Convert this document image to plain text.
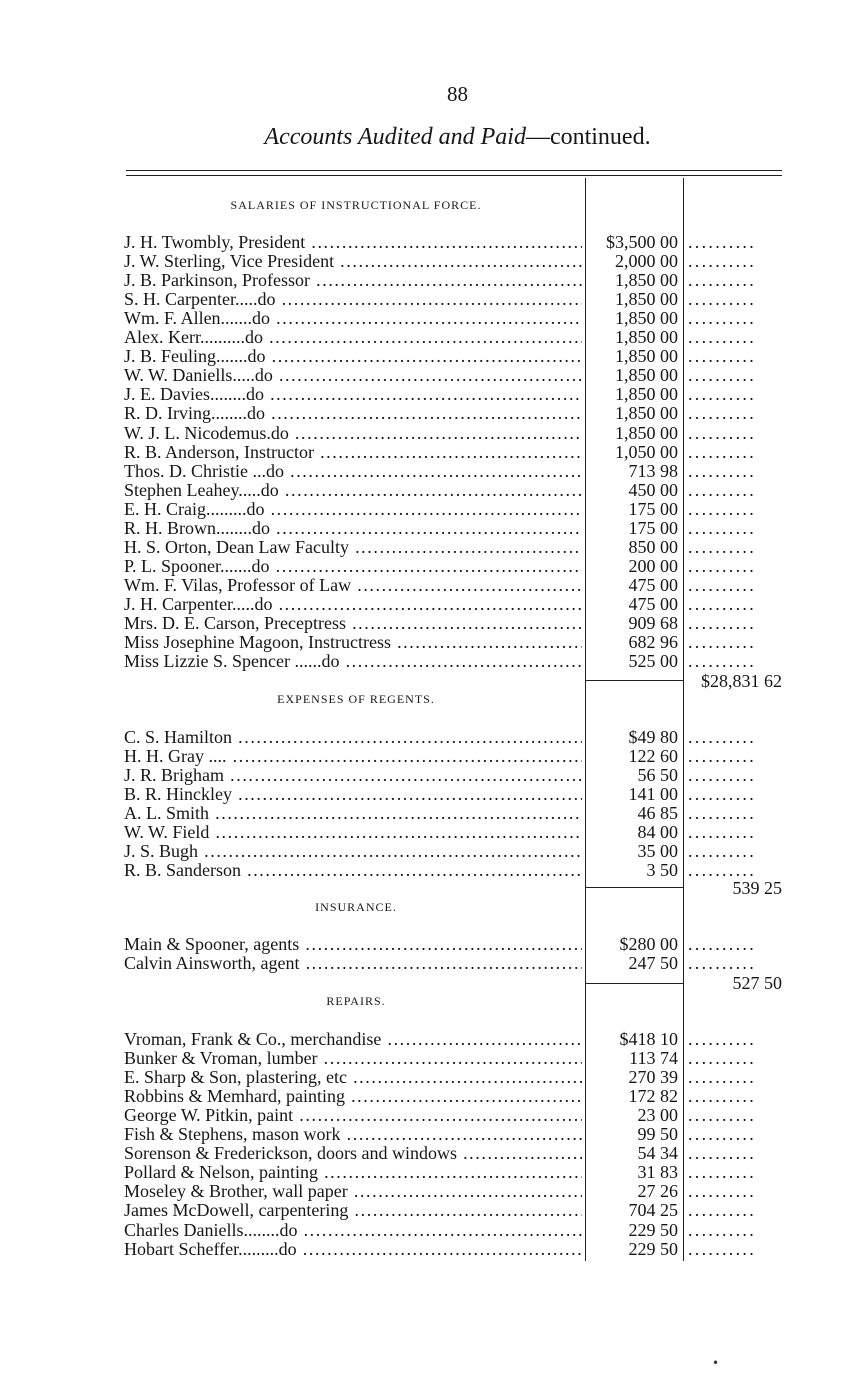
88
Accounts Audited and Paid—continued.
SALARIES OF INSTRUCTIONAL FORCE.
J. H. Twombly, President .....	$3,500 00 ..........
J. W. Sterling, Vice President .....	2,000 00 ..........
J. B. Parkinson, Professor .....	1,850 00 ..........
S. H. Carpenter.....do .....	1,850 00 ..........
Wm. F. Allen.......do .....	1,850 00 ..........
Alex. Kerr..........do .....	1,850 00 ..........
J. B. Feuling.......do .....	1,850 00 ..........
W. W. Daniells.....do .....	1,850 00 ..........
J. E. Davies........do .....	1,850 00 ..........
R. D. Irving........do .....	1,850 00 ..........
W. J. L. Nicodemus.do .....	1,850 00 ..........
R. B. Anderson, Instructor .....	1,050 00 ..........
Thos. D. Christie ...do .....	713 98 ..........
Stephen Leahey.....do .....	450 00 ..........
E. H. Craig.........do .....	175 00 ..........
R. H. Brown........do .....	175 00 ..........
H. S. Orton, Dean Law Faculty .....	850 00 ..........
P. L. Spooner.......do .....	200 00 ..........
Wm. F. Vilas, Professor of Law .....	475 00 ..........
J. H. Carpenter.....do .....	475 00 ..........
Mrs. D. E. Carson, Preceptress .....	909 68 ..........
Miss Josephine Magoon, Instructress .....	682 96 ..........
Miss Lizzie S. Spencer ......do .....	525 00 ..........
$28,831 62
EXPENSES OF REGENTS.
C. S. Hamilton .....	$49 80 ..........
H. H. Gray .... .....	122 60 ..........
J. R. Brigham .....	56 50 ..........
B. R. Hinckley .....	141 00 ..........
A. L. Smith .....	46 85 ..........
W. W. Field .....	84 00 ..........
J. S. Bugh .....	35 00 ..........
R. B. Sanderson .....	3 50 ..........
539 25
INSURANCE.
Main & Spooner, agents .....	$280 00 ..........
Calvin Ainsworth, agent .....	247 50 ..........
527 50
REPAIRS.
Vroman, Frank & Co., merchandise .....	$418 10 ..........
Bunker & Vroman, lumber .....	113 74 ..........
E. Sharp & Son, plastering, etc .....	270 39 ..........
Robbins & Memhard, painting .....	172 82 ..........
George W. Pitkin, paint .....	23 00 ..........
Fish & Stephens, mason work .....	99 50 ..........
Sorenson & Frederickson, doors and windows .....	54 34 ..........
Pollard & Nelson, painting .....	31 83 ..........
Moseley & Brother, wall paper .....	27 26 ..........
James McDowell, carpentering .....	704 25 ..........
Charles Daniells........do .....	229 50 ..........
Hobart Scheffer.........do .....	229 50 ..........
•
